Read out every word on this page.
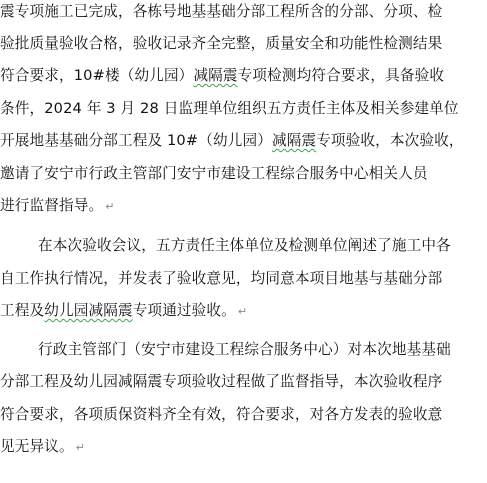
震专项施工已完成，各栋号地基基础分部工程所含的分部、分项、检
验批质量验收合格，验收记录齐全完整，质量安全和功能性检测结果
符合要求，10#楼（幼儿园）减隔震专项检测均符合要求，具备验收
条件，2024 年 3 月 28 日监理单位组织五方责任主体及相关参建单位
开展地基基础分部工程及 10#（幼儿园）减隔震专项验收，本次验收，
邀请了安宁市行政主管部门安宁市建设工程综合服务中心相关人员
进行监督指导。 ↵
在本次验收会议，五方责任主体单位及检测单位阐述了施工中各
自工作执行情况，并发表了验收意见，均同意本项目地基与基础分部
工程及幼儿园减隔震专项通过验收。 ↵
行政主管部门（安宁市建设工程综合服务中心）对本次地基基础
分部工程及幼儿园减隔震专项验收过程做了监督指导，本次验收程序
符合要求，各项质保资料齐全有效，符合要求，对各方发表的验收意
见无异议。 ↵
